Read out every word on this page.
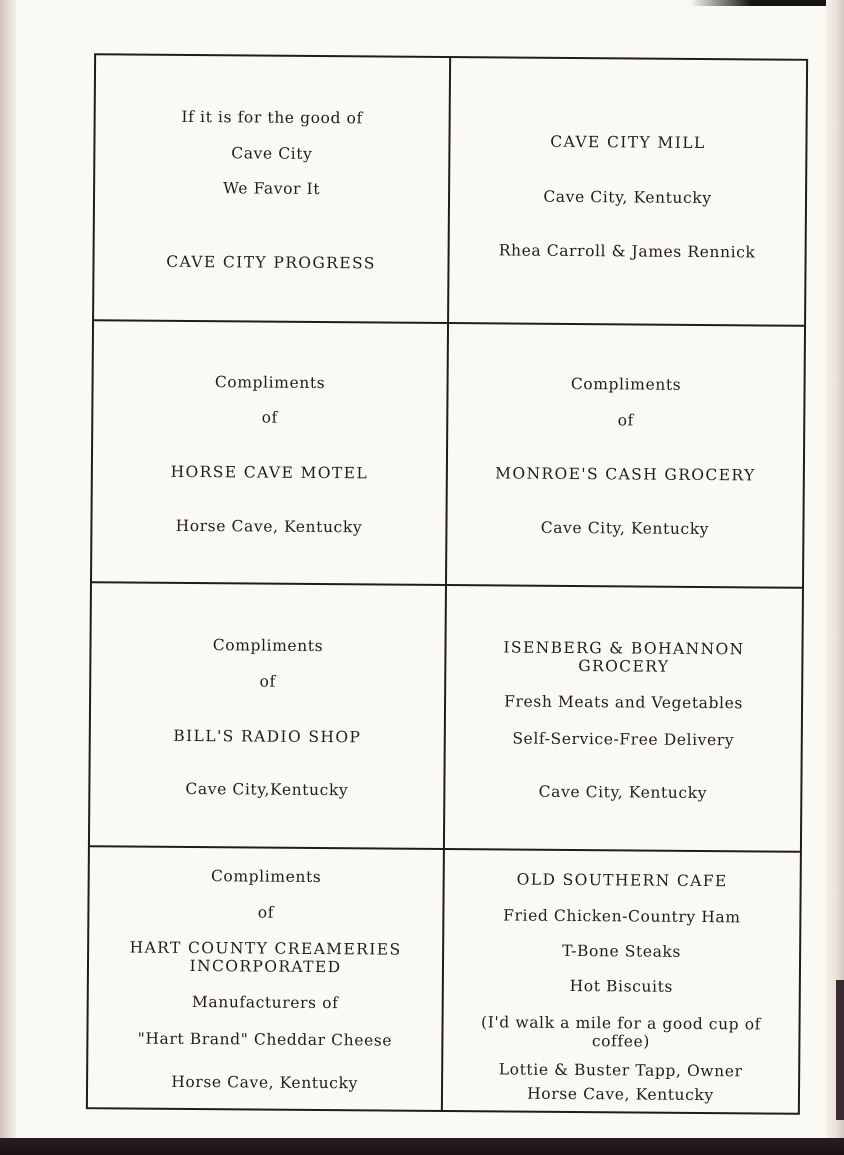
If it is for the good of
Cave City
We Favor It
CAVE CITY PROGRESS
CAVE CITY MILL
Cave City, Kentucky
Rhea Carroll & James Rennick
Compliments
of
HORSE CAVE MOTEL
Horse Cave, Kentucky
Compliments
of
MONROE'S CASH GROCERY
Cave City, Kentucky
Compliments
of
BILL'S RADIO SHOP
Cave City,Kentucky
ISENBERG & BOHANNON
GROCERY
Fresh Meats and Vegetables
Self-Service-Free Delivery
Cave City, Kentucky
Compliments
of
HART COUNTY CREAMERIES
INCORPORATED
Manufacturers of
"Hart Brand" Cheddar Cheese
Horse Cave, Kentucky
OLD SOUTHERN CAFE
Fried Chicken-Country Ham
T-Bone Steaks
Hot Biscuits
(I'd walk a mile for a good cup of
coffee)
Lottie & Buster Tapp, Owner
Horse Cave, Kentucky
